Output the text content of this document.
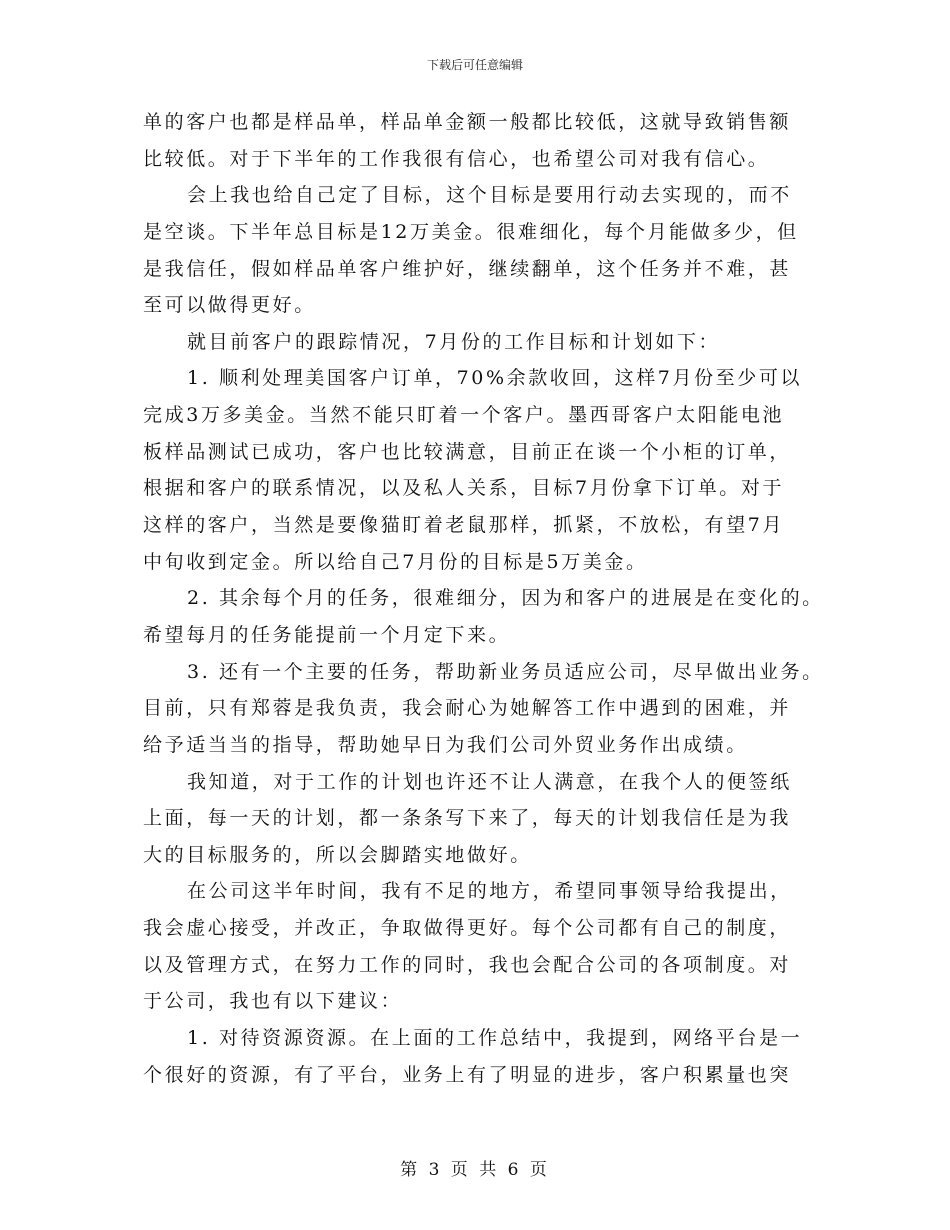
下载后可任意编辑
单的客户也都是样品单，样品单金额一般都比较低，这就导致销售额
比较低。对于下半年的工作我很有信心，也希望公司对我有信心。
会上我也给自己定了目标，这个目标是要用行动去实现的，而不
是空谈。下半年总目标是12万美金。很难细化，每个月能做多少，但
是我信任，假如样品单客户维护好，继续翻单，这个任务并不难，甚
至可以做得更好。
就目前客户的跟踪情况，7月份的工作目标和计划如下：
1. 顺利处理美国客户订单，70%余款收回，这样7月份至少可以
完成3万多美金。当然不能只盯着一个客户。墨西哥客户太阳能电池
板样品测试已成功，客户也比较满意，目前正在谈一个小柜的订单，
根据和客户的联系情况，以及私人关系，目标7月份拿下订单。对于
这样的客户，当然是要像猫盯着老鼠那样，抓紧，不放松，有望7月
中旬收到定金。所以给自己7月份的目标是5万美金。
2. 其余每个月的任务，很难细分，因为和客户的进展是在变化的。
希望每月的任务能提前一个月定下来。
3. 还有一个主要的任务，帮助新业务员适应公司，尽早做出业务。
目前，只有郑蓉是我负责，我会耐心为她解答工作中遇到的困难，并
给予适当当的指导，帮助她早日为我们公司外贸业务作出成绩。
我知道，对于工作的计划也许还不让人满意，在我个人的便签纸
上面，每一天的计划，都一条条写下来了，每天的计划我信任是为我
大的目标服务的，所以会脚踏实地做好。
在公司这半年时间，我有不足的地方，希望同事领导给我提出，
我会虚心接受，并改正，争取做得更好。每个公司都有自己的制度，
以及管理方式，在努力工作的同时，我也会配合公司的各项制度。对
于公司，我也有以下建议：
1. 对待资源资源。在上面的工作总结中，我提到，网络平台是一
个很好的资源，有了平台，业务上有了明显的进步，客户积累量也突
第 3 页 共 6 页
